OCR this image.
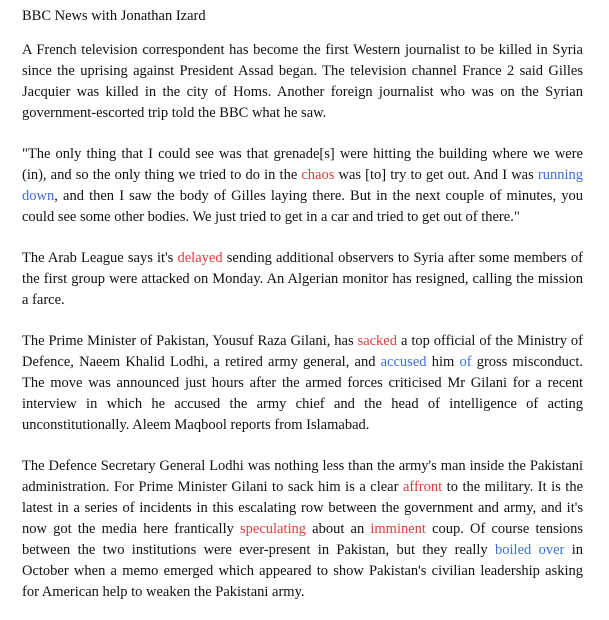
BBC News with Jonathan Izard

A French television correspondent has become the first Western journalist to be killed in Syria since the uprising against President Assad began. The television channel France 2 said Gilles Jacquier was killed in the city of Homs. Another foreign journalist who was on the Syrian government-escorted trip told the BBC what he saw.

"The only thing that I could see was that grenade[s] were hitting the building where we were (in), and so the only thing we tried to do in the chaos was [to] try to get out. And I was running down, and then I saw the body of Gilles laying there. But in the next couple of minutes, you could see some other bodies. We just tried to get in a car and tried to get out of there."

The Arab League says it's delayed sending additional observers to Syria after some members of the first group were attacked on Monday. An Algerian monitor has resigned, calling the mission a farce.

The Prime Minister of Pakistan, Yousuf Raza Gilani, has sacked a top official of the Ministry of Defence, Naeem Khalid Lodhi, a retired army general, and accused him of gross misconduct. The move was announced just hours after the armed forces criticised Mr Gilani for a recent interview in which he accused the army chief and the head of intelligence of acting unconstitutionally. Aleem Maqbool reports from Islamabad.

The Defence Secretary General Lodhi was nothing less than the army's man inside the Pakistani administration. For Prime Minister Gilani to sack him is a clear affront to the military. It is the latest in a series of incidents in this escalating row between the government and army, and it's now got the media here frantically speculating about an imminent coup. Of course tensions between the two institutions were ever-present in Pakistan, but they really boiled over in October when a memo emerged which appeared to show Pakistan's civilian leadership asking for American help to weaken the Pakistani army.
